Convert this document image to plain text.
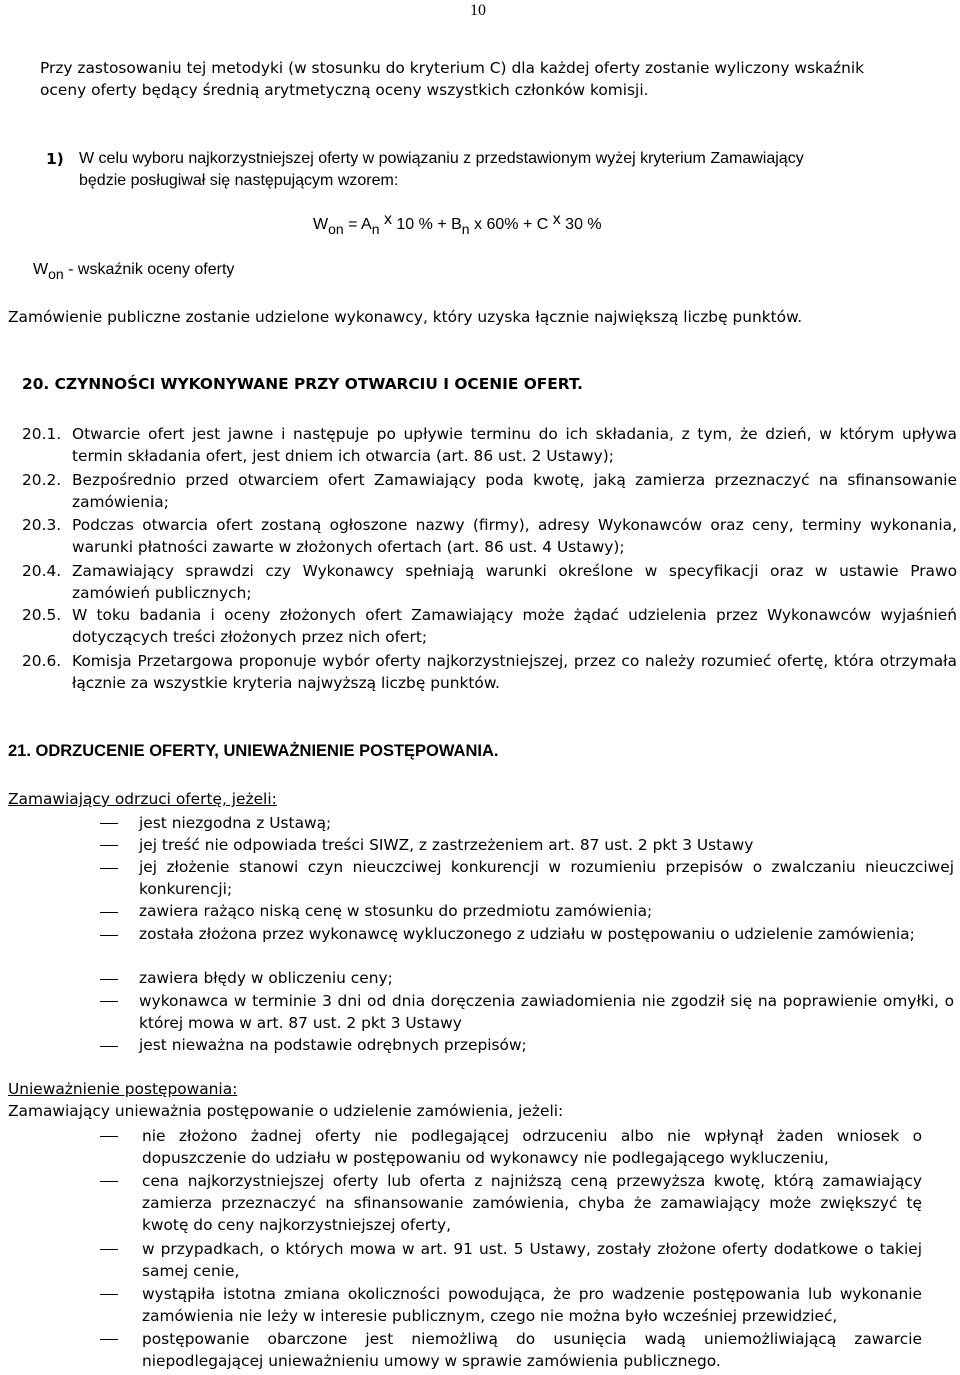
10
Przy zastosowaniu tej metodyki (w stosunku do kryterium C) dla każdej oferty zostanie wyliczony wskaźnik
oceny oferty będący średnią arytmetyczną oceny wszystkich członków komisji.
1) W celu wyboru najkorzystniejszej oferty w powiązaniu z przedstawionym wyżej kryterium Zamawiający
będzie posługiwał się następującym wzorem:
Won = An x 10 % + Bn x 60% + C x 30 %
Won - wskaźnik oceny oferty
Zamówienie publiczne zostanie udzielone wykonawcy, który uzyska łącznie największą liczbę punktów.
20. CZYNNOŚCI WYKONYWANE PRZY OTWARCIU I OCENIE OFERT.
20.1. Otwarcie ofert jest jawne i następuje po upływie terminu do ich składania, z tym, że dzień, w którym upływa termin składania ofert, jest dniem ich otwarcia (art. 86 ust. 2 Ustawy);
20.2. Bezpośrednio przed otwarciem ofert Zamawiający poda kwotę, jaką zamierza przeznaczyć na sfinansowanie zamówienia;
20.3. Podczas otwarcia ofert zostaną ogłoszone nazwy (firmy), adresy Wykonawców oraz ceny, terminy wykonania, warunki płatności zawarte w złożonych ofertach (art. 86 ust. 4 Ustawy);
20.4. Zamawiający sprawdzi czy Wykonawcy spełniają warunki określone w specyfikacji oraz w ustawie Prawo zamówień publicznych;
20.5. W toku badania i oceny złożonych ofert Zamawiający może żądać udzielenia przez Wykonawców wyjaśnień dotyczących treści złożonych przez nich ofert;
20.6. Komisja Przetargowa proponuje wybór oferty najkorzystniejszej, przez co należy rozumieć ofertę, która otrzymała łącznie za wszystkie kryteria najwyższą liczbę punktów.
21. ODRZUCENIE OFERTY, UNIEWAŻNIENIE POSTĘPOWANIA.
Zamawiający odrzuci ofertę, jeżeli:
jest niezgodna z Ustawą;
jej treść nie odpowiada treści SIWZ, z zastrzeżeniem art. 87 ust. 2 pkt 3 Ustawy
jej złożenie stanowi czyn nieuczciwej konkurencji w rozumieniu przepisów o zwalczaniu nieuczciwej konkurencji;
zawiera rażąco niską cenę w stosunku do przedmiotu zamówienia;
została złożona przez wykonawcę wykluczonego z udziału w postępowaniu o udzielenie zamówienia;
zawiera błędy w obliczeniu ceny;
wykonawca w terminie 3 dni od dnia doręczenia zawiadomienia nie zgodził się na poprawienie omyłki, o której mowa w art. 87 ust. 2 pkt 3 Ustawy
jest nieważna na podstawie odrębnych przepisów;
Unieważnienie postępowania:
Zamawiający unieważnia postępowanie o udzielenie zamówienia, jeżeli:
nie złożono żadnej oferty nie podlegającej odrzuceniu albo nie wpłynął żaden wniosek o dopuszczenie do udziału w postępowaniu od wykonawcy nie podlegającego wykluczeniu,
cena najkorzystniejszej oferty lub oferta z najniższą ceną przewyższa kwotę, którą zamawiający zamierza przeznaczyć na sfinansowanie zamówienia, chyba że zamawiający może zwiększyć tę kwotę do ceny najkorzystniejszej oferty,
w przypadkach, o których mowa w art. 91 ust. 5 Ustawy, zostały złożone oferty dodatkowe o takiej samej cenie,
wystąpiła istotna zmiana okoliczności powodująca, że pro wadzenie postępowania lub wykonanie zamówienia nie leży w interesie publicznym, czego nie można było wcześniej przewidzieć,
postępowanie obarczone jest niemożliwą do usunięcia wadą uniemożliwiającą zawarcie niepodlegającej unieważnieniu umowy w sprawie zamówienia publicznego.
